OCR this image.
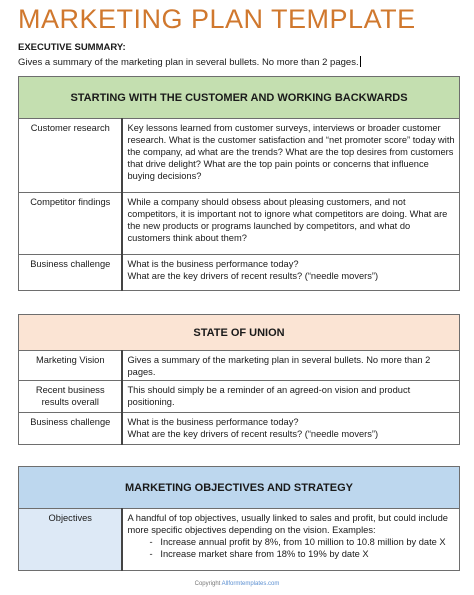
MARKETING PLAN TEMPLATE
EXECUTIVE SUMMARY:
Gives a summary of the marketing plan in several bullets. No more than 2 pages.
STARTING WITH THE CUSTOMER AND WORKING BACKWARDS	
Customer research	Key lessons learned from customer surveys, interviews or broader customer research. What is the customer satisfaction and “net promoter score” today with the company, ad what are the trends? What are the top desires from customers that drive delight? What are the top pain points or concerns that influence buying decisions?
Competitor findings	While a company should obsess about pleasing customers, and not competitors, it is important not to ignore what competitors are doing. What are the new products or programs launched by competitors, and what do customers think about them?
Business challenge	What is the business performance today?
What are the key drivers of recent results? (“needle movers”)
STATE OF UNION	
Marketing Vision	Gives a summary of the marketing plan in several bullets. No more than 2 pages.
Recent business results overall	This should simply be a reminder of an agreed-on vision and product positioning.
Business challenge	What is the business performance today?
What are the key drivers of recent results? (“needle movers”)
MARKETING OBJECTIVES AND STRATEGY
Objectives	A handful of top objectives, usually linked to sales and profit, but could include more specific objectives depending on the vision. Examples:
-   Increase annual profit by 8%, from 10 million to 10.8 million by date X
-   Increase market share from 18% to 19% by date X
Copyright Allformtemplates.com
